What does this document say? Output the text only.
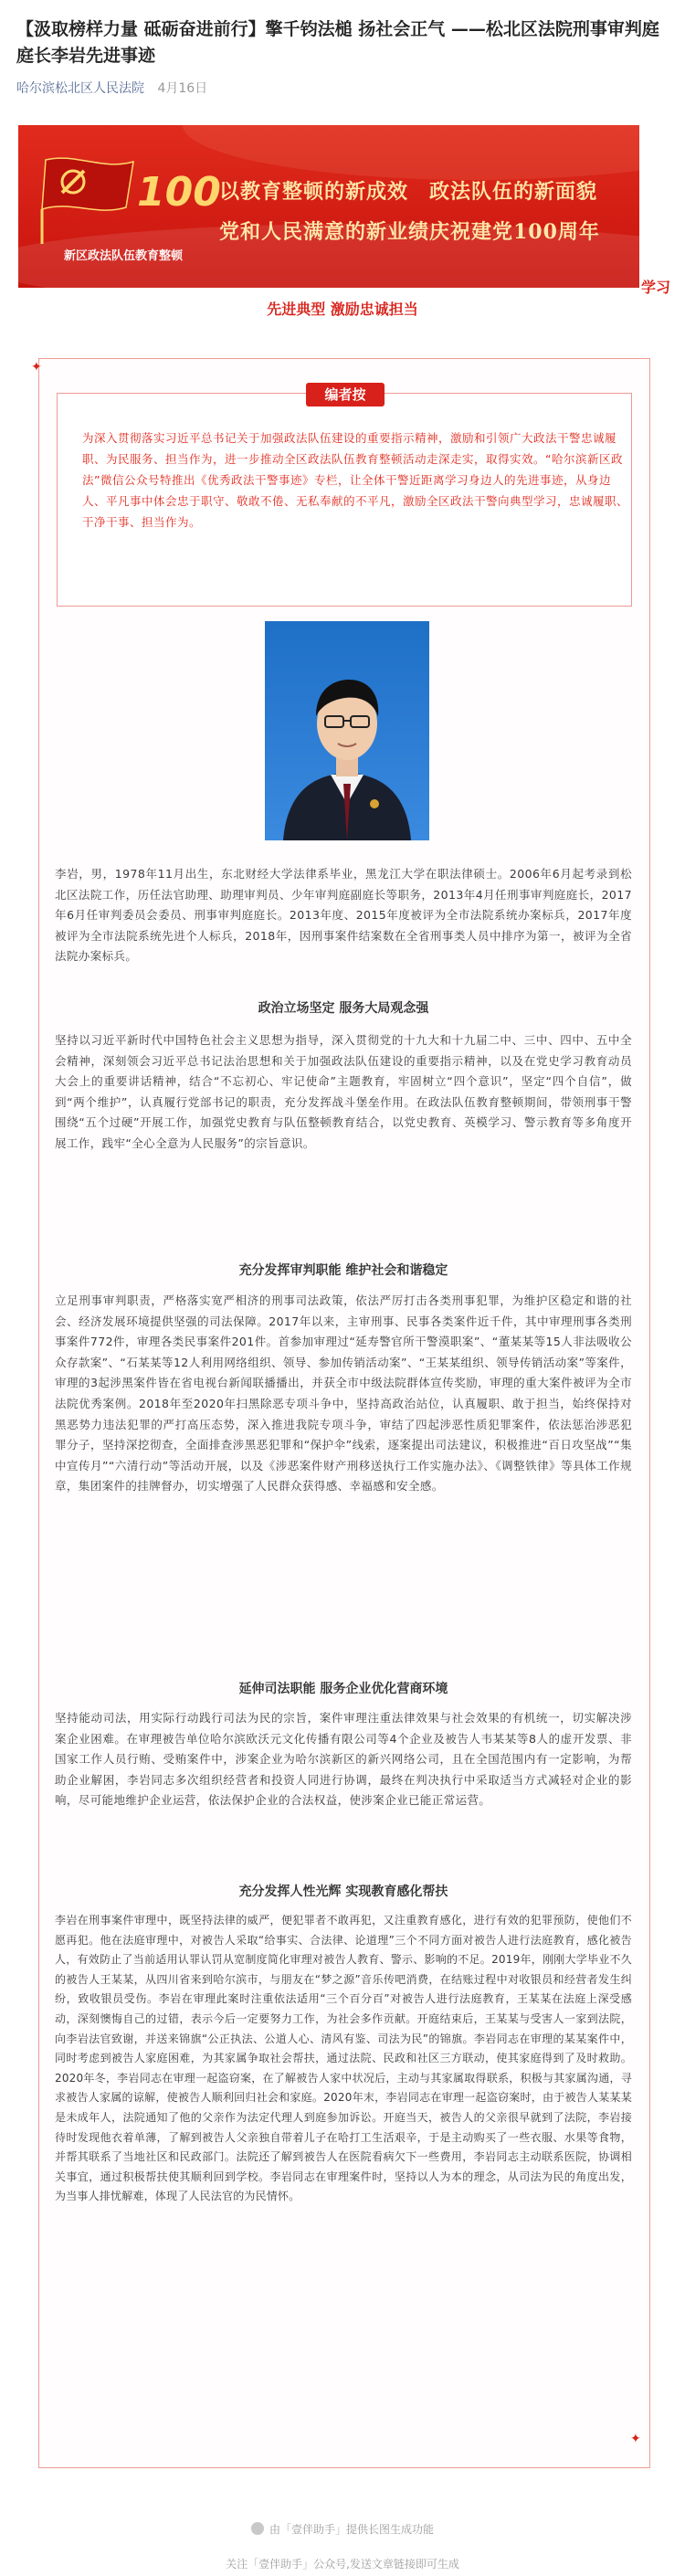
【汲取榜样力量 砥砺奋进前行】擎千钧法槌 扬社会正气 ——松北区法院刑事审判庭庭长李岩先进事迹
哈尔滨松北区人民法院 4月16日
100
新区政法队伍教育整顿
以教育整顿的新成效　政法队伍的新面貌
党和人民满意的新业绩庆祝建党100周年
学习
先进典型 激励忠诚担当
✦
✦
编者按

为深入贯彻落实习近平总书记关于加强政法队伍建设的重要指示精神，激励和引领广大政法干警忠诚履职、为民服务、担当作为，进一步推动全区政法队伍教育整顿活动走深走实，取得实效。“哈尔滨新区政法”微信公众号特推出《优秀政法干警事迹》专栏，让全体干警近距离学习身边人的先进事迹，从身边人、平凡事中体会忠于职守、敬敢不倦、无私奉献的不平凡，激励全区政法干警向典型学习，忠诚履职、干净干事、担当作为。

李岩，男，1978年11月出生，东北财经大学法律系毕业，黑龙江大学在职法律硕士。2006年6月起考录到松北区法院工作，历任法官助理、助理审判员、少年审判庭副庭长等职务，2013年4月任刑事审判庭庭长，2017年6月任审判委员会委员、刑事审判庭庭长。2013年度、2015年度被评为全市法院系统办案标兵，2017年度被评为全市法院系统先进个人标兵，2018年，因刑事案件结案数在全省刑事类人员中排序为第一，被评为全省法院办案标兵。

政治立场坚定 服务大局观念强

坚持以习近平新时代中国特色社会主义思想为指导，深入贯彻党的十九大和十九届二中、三中、四中、五中全会精神，深刻领会习近平总书记法治思想和关于加强政法队伍建设的重要指示精神，以及在党史学习教育动员大会上的重要讲话精神，结合“不忘初心、牢记使命”主题教育，牢固树立“四个意识”，坚定“四个自信”，做到“两个维护”，认真履行党部书记的职责，充分发挥战斗堡垒作用。在政法队伍教育整顿期间，带领刑事干警围绕“五个过硬”开展工作，加强党史教育与队伍整顿教育结合，以党史教育、英模学习、警示教育等多角度开展工作，践牢“全心全意为人民服务”的宗旨意识。

充分发挥审判职能 维护社会和谐稳定

立足刑事审判职责，严格落实宽严相济的刑事司法政策，依法严厉打击各类刑事犯罪，为维护区稳定和谐的社会、经济发展环境提供坚强的司法保障。2017年以来，主审刑事、民事各类案件近千件，其中审理刑事各类刑事案件772件，审理各类民事案件201件。首参加审理过“延寿警官所干警漠职案”、“董某某等15人非法吸收公众存款案”、“石某某等12人利用网络组织、领导、参加传销活动案”、“王某某组织、领导传销活动案”等案件，审理的3起涉黑案件皆在省电视台新闻联播播出，并获全市中级法院群体宣传奖励，审理的重大案件被评为全市法院优秀案例。2018年至2020年扫黑除恶专项斗争中，坚持高政治站位，认真履职、敢于担当，始终保持对黑恶势力违法犯罪的严打高压态势，深入推进我院专项斗争，审结了四起涉恶性质犯罪案件，依法惩治涉恶犯罪分子，坚持深挖彻查，全面排查涉黑恶犯罪和“保护伞”线索，逐案提出司法建议，积极推进“百日攻坚战”“集中宣传月”“六清行动”等活动开展，以及《涉恶案件财产刑移送执行工作实施办法》、《调整铁律》等具体工作规章，集团案件的挂牌督办，切实增强了人民群众获得感、幸福感和安全感。

延伸司法职能 服务企业优化营商环境

坚持能动司法，用实际行动践行司法为民的宗旨，案件审理注重法律效果与社会效果的有机统一，切实解决涉案企业困难。在审理被告单位哈尔滨欧沃元文化传播有限公司等4个企业及被告人韦某某等8人的虚开发票、非国家工作人员行贿、受贿案件中，涉案企业为哈尔滨新区的新兴网络公司，且在全国范围内有一定影响，为帮助企业解困，李岩同志多次组织经营者和投资人同进行协调，最终在判决执行中采取适当方式减轻对企业的影响，尽可能地维护企业运营，依法保护企业的合法权益，使涉案企业已能正常运营。

充分发挥人性光辉 实现教育感化帮扶

李岩在刑事案件审理中，既坚持法律的威严，便犯罪者不敢再犯，又注重教育感化，进行有效的犯罪预防，使他们不愿再犯。他在法庭审理中，对被告人采取“给事实、合法律、论道理”三个不同方面对被告人进行法庭教育，感化被告人，有效防止了当前适用认罪认罚从宽制度简化审理对被告人教育、警示、影响的不足。2019年，刚刚大学毕业不久的被告人王某某，从四川省来到哈尔滨市，与朋友在“梦之源”音乐传吧消费，在结账过程中对收银员和经营者发生纠纷，致收银员受伤。李岩在审理此案时注重依法适用“三个百分百”对被告人进行法庭教育，王某某在法庭上深受感动，深刻懊悔自己的过错，表示今后一定要努力工作，为社会多作贡献。开庭结束后，王某某与受害人一家到法院，向李岩法官致谢，并送来锦旗“公正执法、公道人心、清风有鉴、司法为民”的锦旗。李岩同志在审理的某某案件中，同时考虑到被告人家庭困难，为其家属争取社会帮扶，通过法院、民政和社区三方联动，使其家庭得到了及时救助。2020年冬，李岩同志在审理一起盗窃案，在了解被告人家中状况后，主动与其家属取得联系，积极与其家属沟通，寻求被告人家属的谅解，使被告人顺利回归社会和家庭。2020年末，李岩同志在审理一起盗窃案时，由于被告人某某某是未成年人，法院通知了他的父亲作为法定代理人到庭参加诉讼。开庭当天，被告人的父亲很早就到了法院，李岩接待时发现他衣着单薄，了解到被告人父亲独自带着儿子在哈打工生活艰辛，于是主动购买了一些衣服、水果等食物，并帮其联系了当地社区和民政部门。法院还了解到被告人在医院看病欠下一些费用，李岩同志主动联系医院，协调相关事宜，通过积极帮扶使其顺利回到学校。李岩同志在审理案件时，坚持以人为本的理念，从司法为民的角度出发，为当事人排忧解难，体现了人民法官的为民情怀。

由「壹伴助手」提供长图生成功能
关注「壹伴助手」公众号,发送文章链接即可生成
